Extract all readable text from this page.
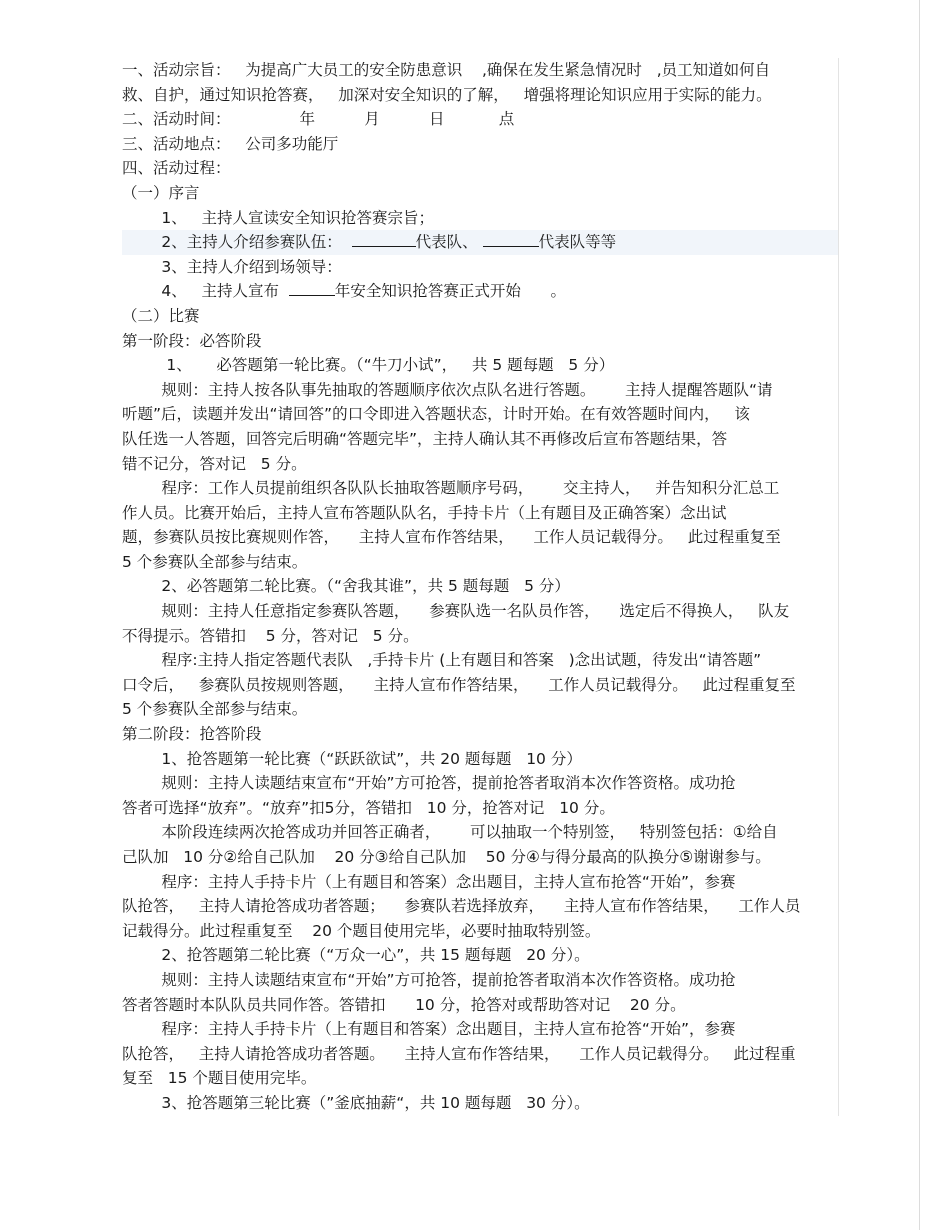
一、活动宗旨：   为提高广大员工的安全防患意识    ,确保在发生紧急情况时   ,员工知道如何自
救、自护，通过知识抢答赛，   加深对安全知识的了解，   增强将理论知识应用于实际的能力。
二、活动时间：              年          月          日           点
三、活动地点：   公司多功能厅
四、活动过程：
（一）序言
1、   主持人宣读安全知识抢答赛宗旨；
2、主持人介绍参赛队伍：	代表队、	代表队等等
3、主持人介绍到场领导：
4、   主持人宣布	年安全知识抢答赛正式开始 。
（二）比赛
第一阶段：必答阶段
1、     必答题第一轮比赛。（“牛刀小试”，   共 5 题每题   5 分）
规则：主持人按各队事先抽取的答题顺序依次点队名进行答题。      主持人提醒答题队“请
听题”后，读题并发出“请回答”的口令即进入答题状态，计时开始。在有效答题时间内，   该
队任选一人答题，回答完后明确“答题完毕”，主持人确认其不再修改后宣布答题结果，答
错不记分，答对记   5 分。
程序：工作人员提前组织各队队长抽取答题顺序号码，      交主持人，   并告知积分汇总工
作人员。比赛开始后，主持人宣布答题队队名，手持卡片（上有题目及正确答案）念出试
题，参赛队员按比赛规则作答，    主持人宣布作答结果，    工作人员记载得分。   此过程重复至
5 个参赛队全部参与结束。
2、必答题第二轮比赛。（“舍我其谁”，共 5 题每题   5 分）
规则：主持人任意指定参赛队答题，    参赛队选一名队员作答，    选定后不得换人，   队友
不得提示。答错扣    5 分，答对记   5 分。
程序:主持人指定答题代表队   ,手持卡片 (上有题目和答案   )念出试题，待发出“请答题”
口令后，   参赛队员按规则答题，    主持人宣布作答结果，    工作人员记载得分。   此过程重复至
5 个参赛队全部参与结束。
第二阶段：抢答阶段
1、抢答题第一轮比赛（“跃跃欲试”，共 20 题每题   10 分）
规则：主持人读题结束宣布“开始”方可抢答，提前抢答者取消本次作答资格。成功抢
答者可选择“放弃”。“放弃”扣5分，答错扣   10 分，抢答对记   10 分。
本阶段连续两次抢答成功并回答正确者，      可以抽取一个特别签，   特别签包括：①给自
己队加   10 分②给自己队加    20 分③给自己队加    50 分④与得分最高的队换分⑤谢谢参与。
程序：主持人手持卡片（上有题目和答案）念出题目，主持人宣布抢答“开始”，参赛
队抢答，   主持人请抢答成功者答题；    参赛队若选择放弃，    主持人宣布作答结果，    工作人员
记载得分。此过程重复至    20 个题目使用完毕，必要时抽取特别签。
2、抢答题第二轮比赛（“万众一心”，共 15 题每题   20 分）。
规则：主持人读题结束宣布“开始”方可抢答，提前抢答者取消本次作答资格。成功抢
答者答题时本队队员共同作答。答错扣      10 分，抢答对或帮助答对记    20 分。
程序：主持人手持卡片（上有题目和答案）念出题目，主持人宣布抢答“开始”，参赛
队抢答，   主持人请抢答成功者答题。    主持人宣布作答结果，    工作人员记载得分。   此过程重
复至   15 个题目使用完毕。
3、抢答题第三轮比赛（”釜底抽薪“，共 10 题每题   30 分）。
